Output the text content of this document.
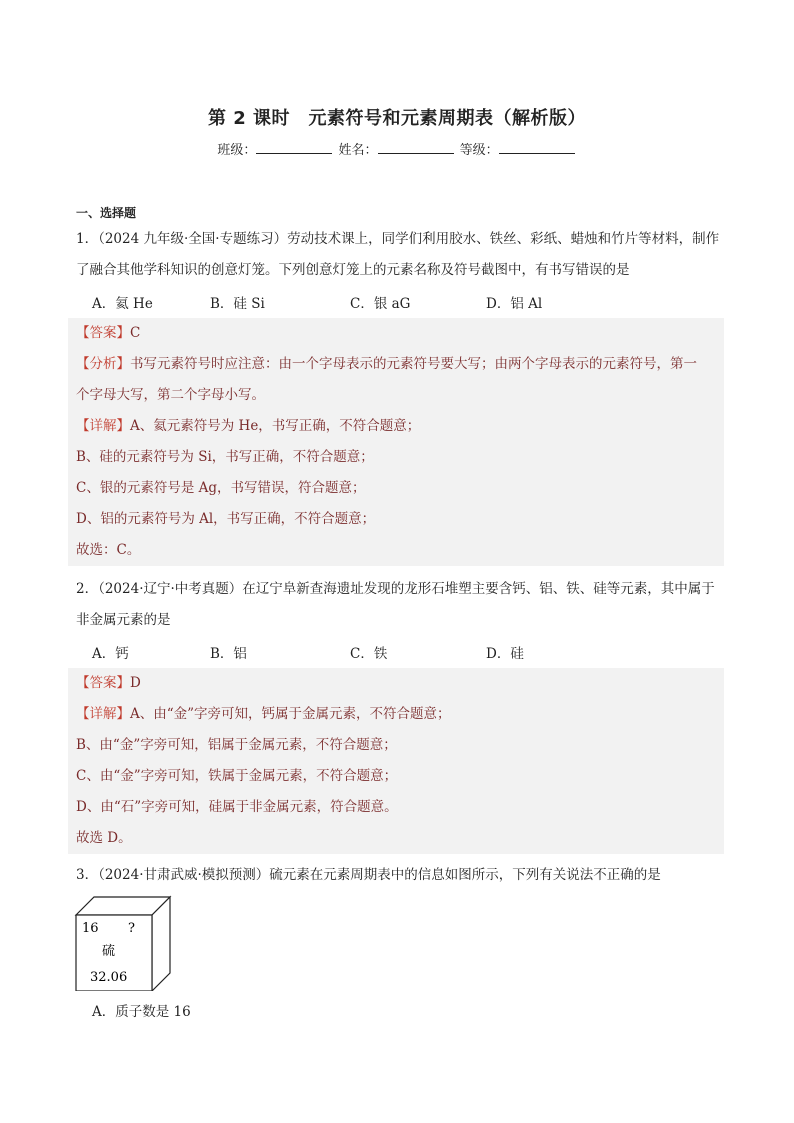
第 2 课时　元素符号和元素周期表（解析版）
班级：	姓名：	等级：
一、选择题
1．（2024 九年级·全国·专题练习）劳动技术课上，同学们利用胶水、铁丝、彩纸、蜡烛和竹片等材料，制作
了融合其他学科知识的创意灯笼。下列创意灯笼上的元素名称及符号截图中，有书写错误的是
A．氦 He	B．硅 Si	C．银 aG	D．铝 Al
【答案】C
【分析】书写元素符号时应注意：由一个字母表示的元素符号要大写；由两个字母表示的元素符号，第一
个字母大写，第二个字母小写。
【详解】A、氦元素符号为 He，书写正确，不符合题意；
B、硅的元素符号为 Si，书写正确，不符合题意；
C、银的元素符号是 Ag，书写错误，符合题意；
D、铝的元素符号为 Al，书写正确，不符合题意；
故选：C。
2．（2024·辽宁·中考真题）在辽宁阜新查海遗址发现的龙形石堆塑主要含钙、铝、铁、硅等元素，其中属于
非金属元素的是
A．钙	B．铝	C．铁	D．硅
【答案】D
【详解】A、由“金”字旁可知，钙属于金属元素，不符合题意；
B、由“金”字旁可知，铝属于金属元素，不符合题意；
C、由“金”字旁可知，铁属于金属元素，不符合题意；
D、由“石”字旁可知，硅属于非金属元素，符合题意。
故选 D。
3．（2024·甘肃武威·模拟预测）硫元素在元素周期表中的信息如图所示，下列有关说法不正确的是
16 ?
硫
32.06
A．质子数是 16
